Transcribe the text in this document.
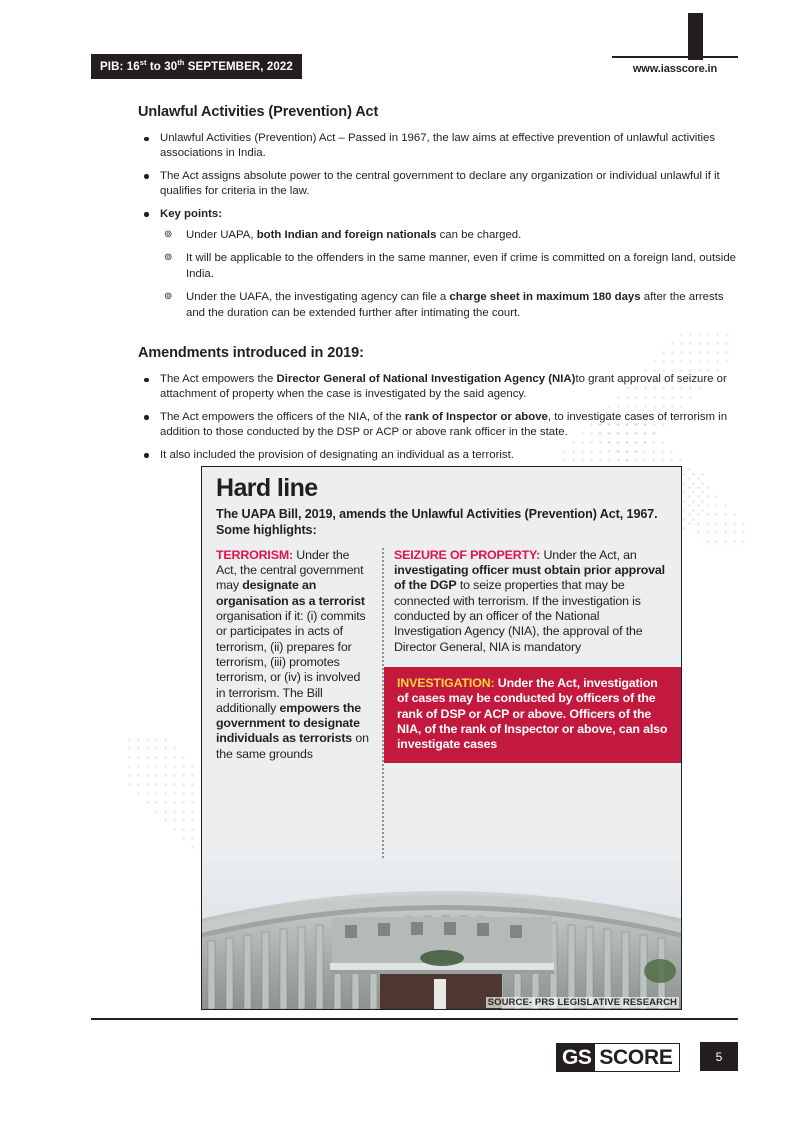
PIB: 16st to 30th SEPTEMBER, 2022	www.iasscore.in
Unlawful Activities (Prevention) Act
Unlawful Activities (Prevention) Act – Passed in 1967, the law aims at effective prevention of unlawful activities associations in India.
The Act assigns absolute power to the central government to declare any organization or individual unlawful if it qualifies for criteria in the law.
Key points:
⊚ Under UAPA, both Indian and foreign nationals can be charged.
⊚ It will be applicable to the offenders in the same manner, even if crime is committed on a foreign land, outside India.
⊚ Under the UAFA, the investigating agency can file a charge sheet in maximum 180 days after the arrests and the duration can be extended further after intimating the court.
Amendments introduced in 2019:
The Act empowers the Director General of National Investigation Agency (NIA)to grant approval of seizure or attachment of property when the case is investigated by the said agency.
The Act empowers the officers of the NIA, of the rank of Inspector or above, to investigate cases of terrorism in addition to those conducted by the DSP or ACP or above rank officer in the state.
It also included the provision of designating an individual as a terrorist.
Hard line
The UAPA Bill, 2019, amends the Unlawful Activities (Prevention) Act, 1967. Some highlights:
TERRORISM: Under the Act, the central government may designate an organisation as a terrorist organisation if it: (i) commits or participates in acts of terrorism, (ii) prepares for terrorism, (iii) promotes terrorism, or (iv) is involved in terrorism. The Bill additionally empowers the government to designate individuals as terrorists on the same grounds
SEIZURE OF PROPERTY: Under the Act, an investigating officer must obtain prior approval of the DGP to seize properties that may be connected with terrorism. If the investigation is conducted by an officer of the National Investigation Agency (NIA), the approval of the Director General, NIA is mandatory
INVESTIGATION: Under the Act, investigation of cases may be conducted by officers of the rank of DSP or ACP or above. Officers of the NIA, of the rank of Inspector or above, can also investigate cases
SOURCE- PRS LEGISLATIVE RESEARCH
GS SCORE	5
